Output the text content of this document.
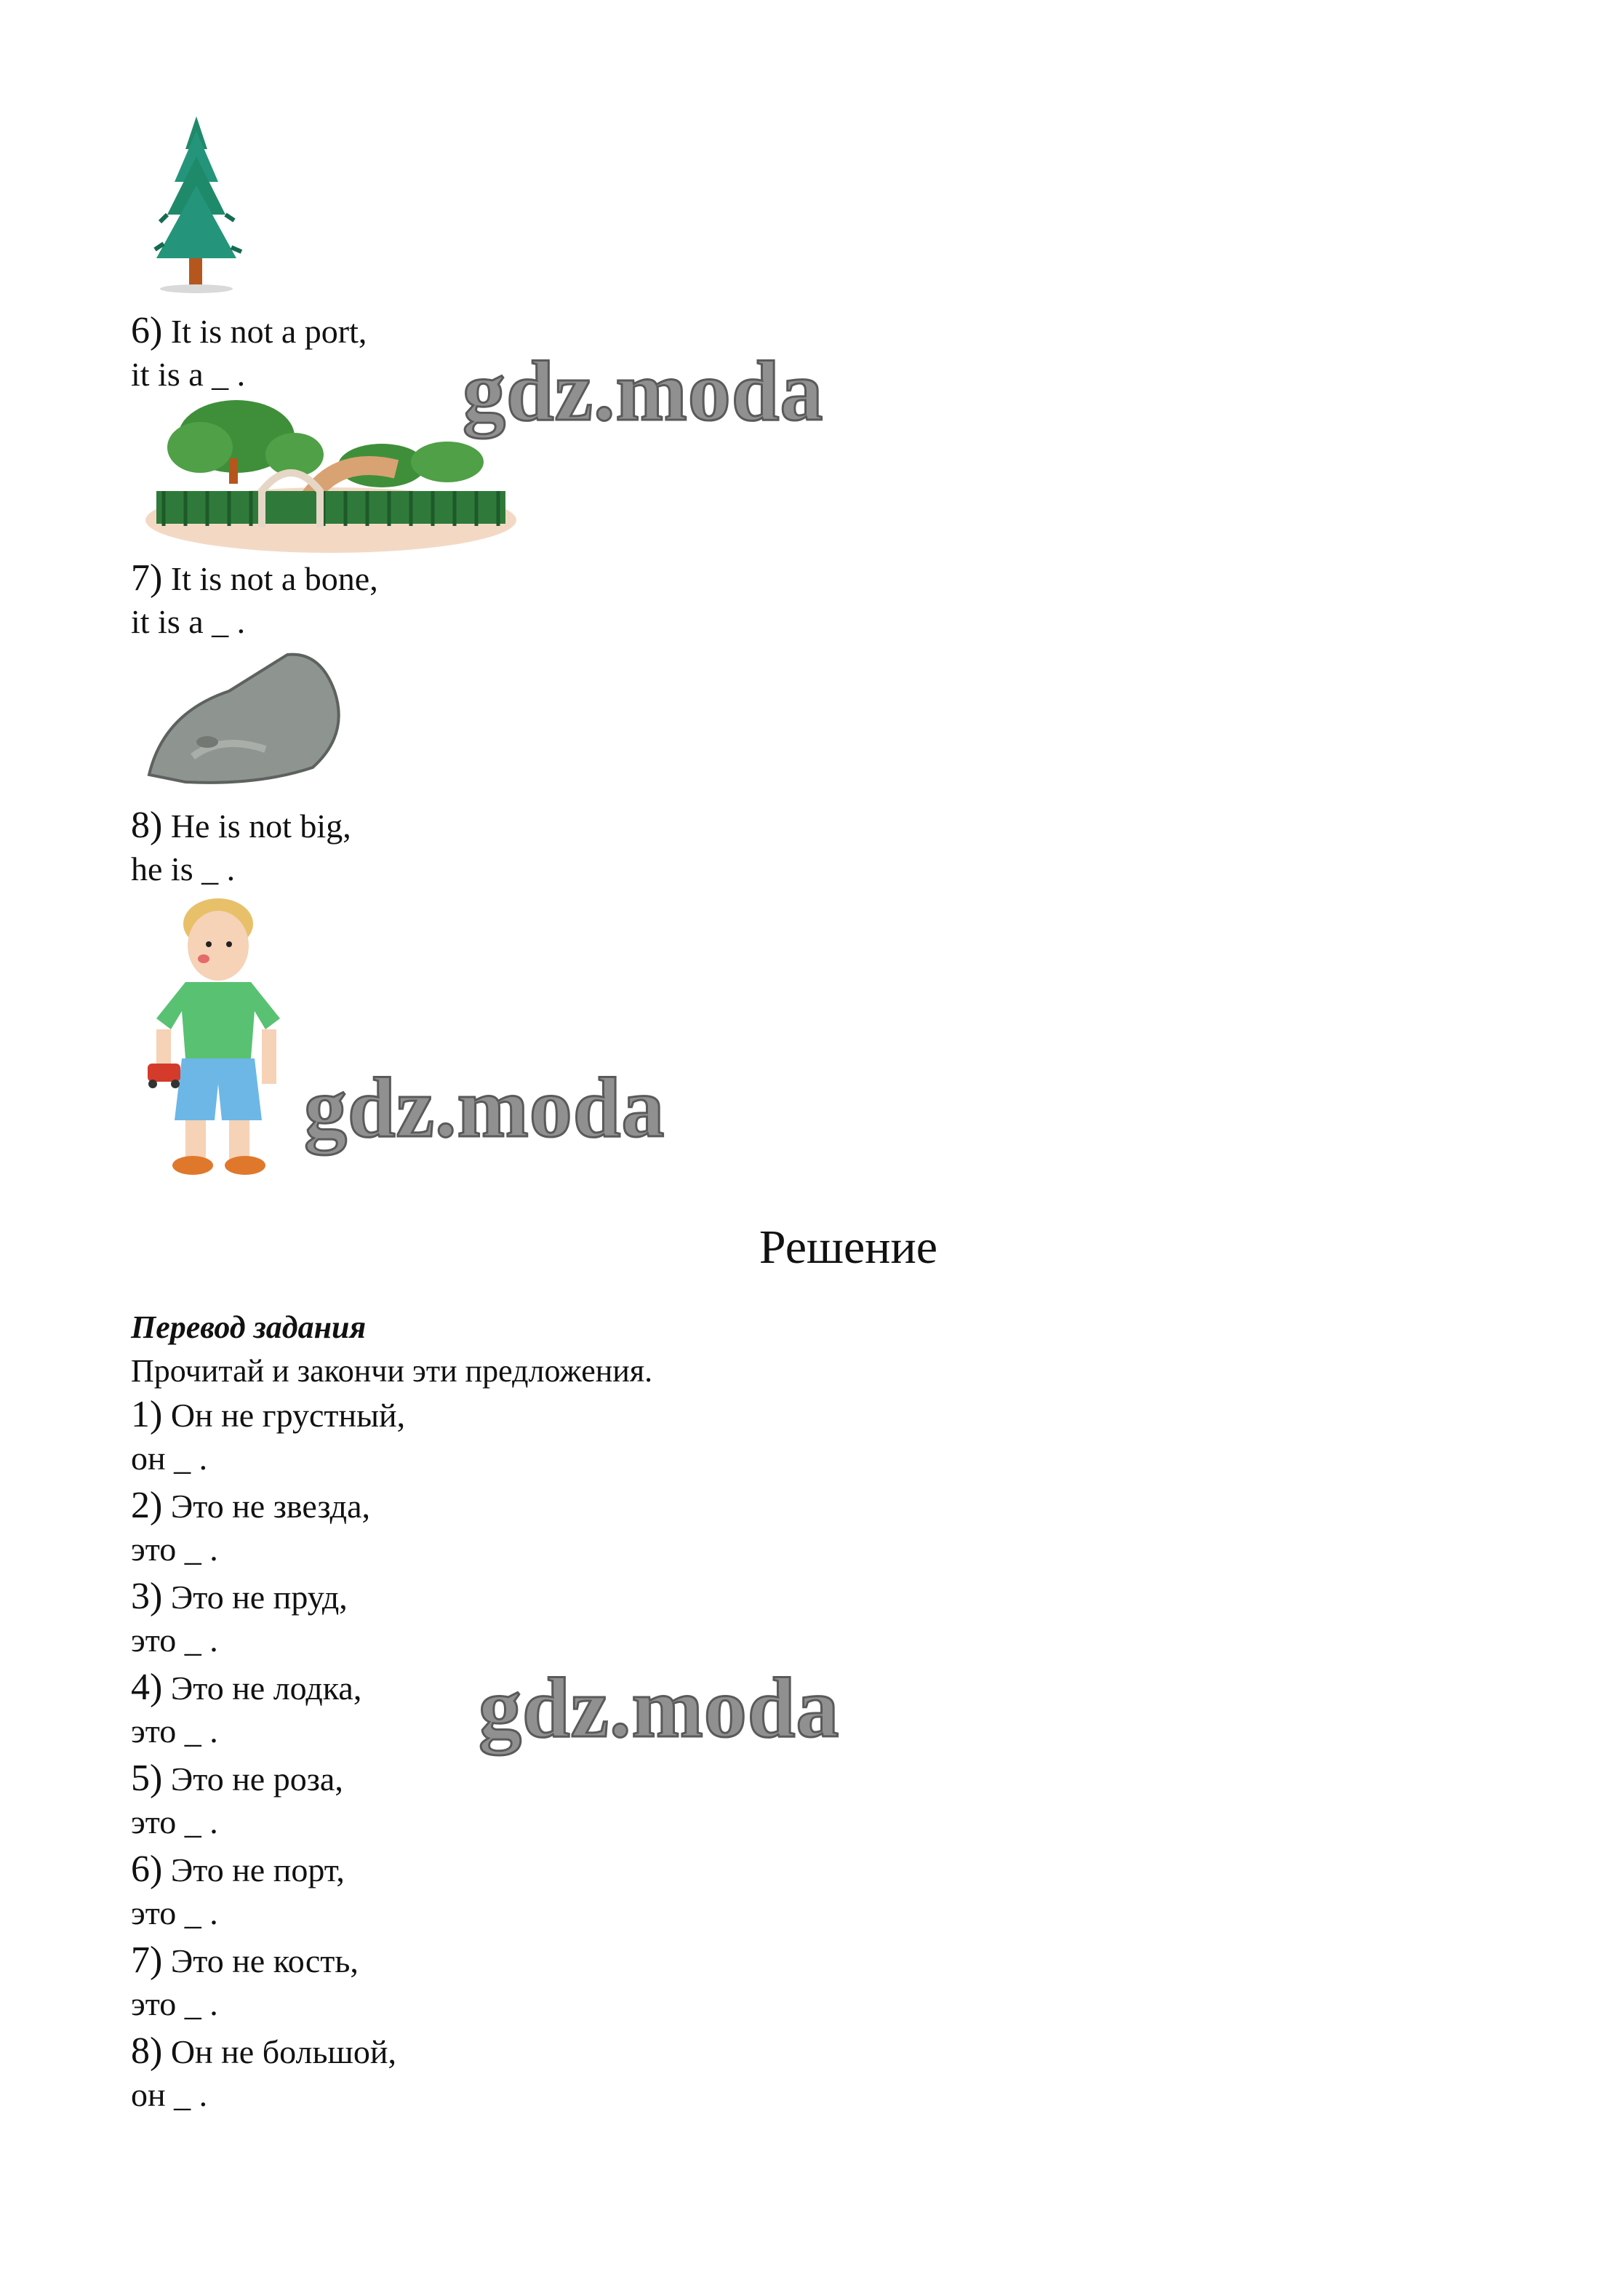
6) It is not a port,
it is a _ .	gdz.moda
7) It is not a bone,
it is a _ .
8) He is not big,
he is _ .
gdz.moda
Решение
Перевод задания
Прочитай и закончи эти предложения.
1) Он не грустный,
он _ .
2) Это не звезда,
это _ .
3) Это не пруд,
это _ .
4) Это не лодка,
это _ .	gdz.moda
5) Это не роза,
это _ .
6) Это не порт,
это _ .
7) Это не кость,
это _ .
8) Он не большой,
он _ .
